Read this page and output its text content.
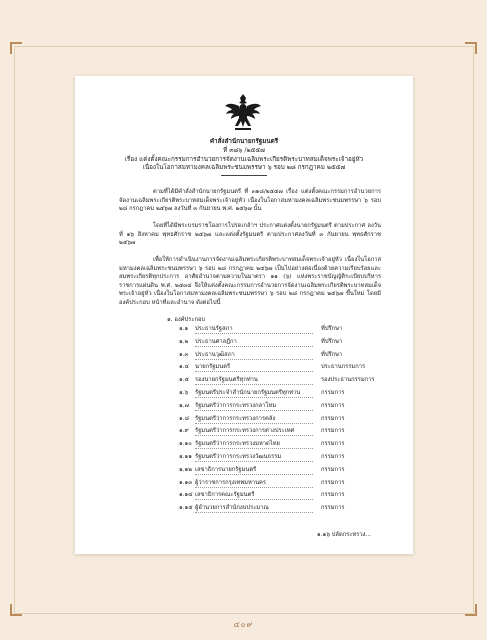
คำสั่งสำนักนายกรัฐมนตรี
ที่ ๓๘๖ /๒๕๕๗
เรื่อง แต่งตั้งคณะกรรมการอำนวยการจัดงานเฉลิมพระเกียรติพระบาทสมเด็จพระเจ้าอยู่หัว
เนื่องในโอกาสมหามงคลเฉลิมพระชนมพรรษา ๖ รอบ ๒๘ กรกฎาคม ๒๕๕๗
ตามที่ได้มีคำสั่งสำนักนายกรัฐมนตรี ที่ ๓๑๘/๒๕๕๗ เรื่อง แต่งตั้งคณะกรรมการอำนวยการจัดงานเฉลิมพระเกียรติพระบาทสมเด็จพระเจ้าอยู่หัว เนื่องในโอกาสมหามงคลเฉลิมพระชนมพรรษา ๖ รอบ ๒๘ กรกฎาคม ๒๕๖๗ ลงวันที่ ๓ กันยายน พ.ศ. ๒๕๖๗ นั้น
โดยที่ได้มีพระบรมราชโองการโปรดเกล้าฯ ประกาศแต่งตั้งนายกรัฐมนตรี ตามประกาศ ลงวันที่ ๑๖ สิงหาคม พุทธศักราช ๒๕๖๗ และแต่งตั้งรัฐมนตรี ตามประกาศลงวันที่ ๓ กันยายน พุทธศักราช ๒๕๖๗
เพื่อให้การดำเนินงานการจัดงานเฉลิมพระเกียรติพระบาทสมเด็จพระเจ้าอยู่หัว เนื่องในโอกาสมหามงคลเฉลิมพระชนมพรรษา ๖ รอบ ๒๘ กรกฎาคม ๒๕๖๗ เป็นไปอย่างต่อเนื่องด้วยความเรียบร้อยและสมพระเกียรติทุกประการ อาศัยอำนาจตามความในมาตรา ๑๑ (๖) แห่งพระราชบัญญัติระเบียบบริหารราชการแผ่นดิน พ.ศ. ๒๕๓๔ จึงให้แต่งตั้งคณะกรรมการอำนวยการจัดงานเฉลิมพระเกียรติพระบาทสมเด็จพระเจ้าอยู่หัว เนื่องในโอกาสมหามงคลเฉลิมพระชนมพรรษา ๖ รอบ ๒๘ กรกฎาคม ๒๕๖๗ ขึ้นใหม่ โดยมีองค์ประกอบ หน้าที่และอำนาจ ดังต่อไปนี้
๑. องค์ประกอบ
๑.๑	ประธานรัฐสภา	ที่ปรึกษา
๑.๒	ประธานศาลฎีกา	ที่ปรึกษา
๑.๓	ประธานวุฒิสภา	ที่ปรึกษา
๑.๔	นายกรัฐมนตรี	ประธานกรรมการ
๑.๕	รองนายกรัฐมนตรีทุกท่าน	รองประธานกรรมการ
๑.๖	รัฐมนตรีประจำสำนักนายกรัฐมนตรีทุกท่าน	กรรมการ
๑.๗	รัฐมนตรีว่าการกระทรวงกลาโหม	กรรมการ
๑.๘	รัฐมนตรีว่าการกระทรวงการคลัง	กรรมการ
๑.๙	รัฐมนตรีว่าการกระทรวงการต่างประเทศ	กรรมการ
๑.๑๐ รัฐมนตรีว่าการกระทรวงมหาดไทย	กรรมการ
๑.๑๑ รัฐมนตรีว่าการกระทรวงวัฒนธรรม	กรรมการ
๑.๑๒ เลขาธิการนายกรัฐมนตรี	กรรมการ
๑.๑๓ ผู้ว่าราชการกรุงเทพมหานคร	กรรมการ
๑.๑๔ เลขาธิการคณะรัฐมนตรี	กรรมการ
๑.๑๕ ผู้อำนวยการสำนักงบประมาณ	กรรมการ
๑.๑๖ ปลัดกระทรวง...
๔๐๙
